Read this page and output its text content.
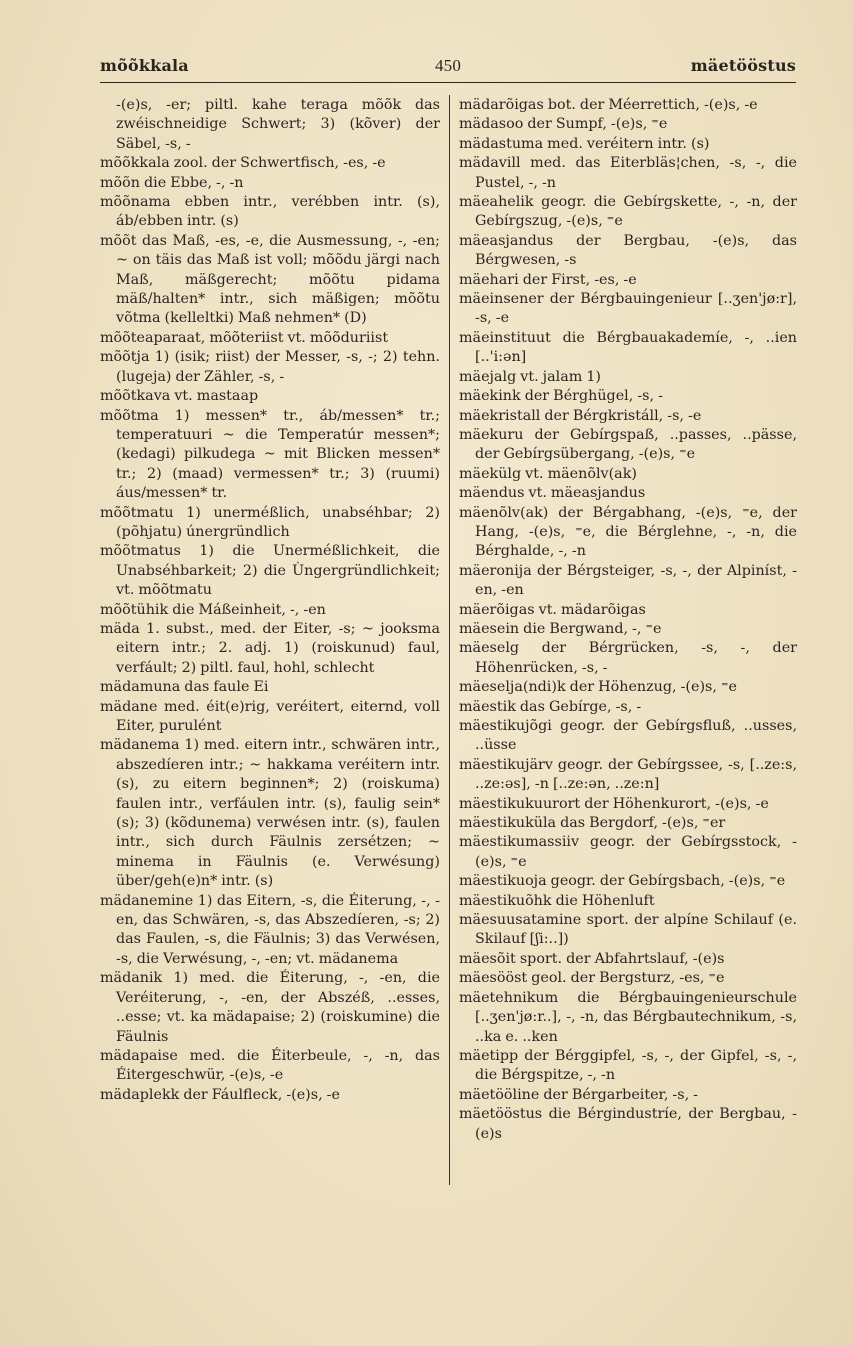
mõõkkala	450	mäetööstus

-(e)s, -er; piltl. kahe teraga mõõk das zwéischneidige Schwert; 3) (kõver) der Säbel, -s, -

mõõkkala zool. der Schwertfisch, -es, -e

mõõn die Ebbe, -, -n

mõõnama ebben intr., verébben intr. (s), áb/ebben intr. (s)

mõõt das Maß, -es, -e, die Ausmessung, -, -en; ~ on täis das Maß ist voll; mõõdu järgi nach Maß, mäßgerecht; mõõtu pidama mäß/halten* intr., sich mäßigen; mõõtu võtma (kelleltki) Maß nehmen* (D)

mõõteaparaat, mõõteriist vt. mõõduriist

mõõtja 1) (isik; riist) der Messer, -s, -; 2) tehn. (lugeja) der Zähler, -s, -

mõõtkava vt. mastaap

mõõtma 1) messen* tr., áb/messen* tr.; temperatuuri ~ die Temperatúr messen*; (kedagi) pilkudega ~ mit Blicken messen* tr.; 2) (maad) vermessen* tr.; 3) (ruumi) áus/messen* tr.

mõõtmatu 1) unerméßlich, unabséhbar; 2) (põhjatu) únergründlich

mõõtmatus 1) die Unerméßlichkeit, die Unabséhbarkeit; 2) die Ùngergründlichkeit; vt. mõõtmatu

mõõtühik die Máßeinheit, -, -en

mäda 1. subst., med. der Eiter, -s; ~ jooksma eitern intr.; 2. adj. 1) (roiskunud) faul, verfáult; 2) piltl. faul, hohl, schlecht

mädamuna das faule Ei

mädane med. éit(e)rig, veréitert, eiternd, voll Eiter, purulént

mädanema 1) med. eitern intr., schwären intr., abszedíeren intr.; ~ hakkama veréitern intr. (s), zu eitern beginnen*; 2) (roiskuma) faulen intr., verfáulen intr. (s), faulig sein* (s); 3) (kõdunema) verwésen intr. (s), faulen intr., sich durch Fäulnis zersétzen; ~ minema in Fäulnis (e. Verwésung) über/geh(e)n* intr. (s)

mädanemine 1) das Eitern, -s, die Éiterung, -, -en, das Schwären, -s, das Abszedíeren, -s; 2) das Faulen, -s, die Fäulnis; 3) das Verwésen, -s, die Verwésung, -, -en; vt. mädanema

mädanik 1) med. die Éiterung, -, -en, die Veréiterung, -, -en, der Abszéß, ..esses, ..esse; vt. ka mädapaise; 2) (roiskumine) die Fäulnis

mädapaise med. die Éiterbeule, -, -n, das Éitergeschwür, -(e)s, -e

mädaplekk der Fáulfleck, -(e)s, -e

mädarõigas bot. der Méerrettich, -(e)s, -e

mädasoo der Sumpf, -(e)s, ⁼e

mädastuma med. veréitern intr. (s)

mädavill med. das Eiterbläs¦chen, -s, -, die Pustel, -, -n

mäeahelik geogr. die Gebírgskette, -, -n, der Gebírgszug, -(e)s, ⁼e

mäeasjandus der Bergbau, -(e)s, das Bérgwesen, -s

mäehari der First, -es, -e

mäeinsener der Bérgbauingenieur [..ʒen'jø:r], -s, -e

mäeinstituut die Bérgbauakademíe, -, ..ien [..'i:ən]

mäejalg vt. jalam 1)

mäekink der Bérghügel, -s, -

mäekristall der Bérgkristáll, -s, -e

mäekuru der Gebírgspaß, ..passes, ..pässe, der Gebírgsübergang, -(e)s, ⁼e

mäekülg vt. mäenõlv(ak)

mäendus vt. mäeasjandus

mäenõlv(ak) der Bérgabhang, -(e)s, ⁼e, der Hang, -(e)s, ⁼e, die Bérglehne, -, -n, die Bérghalde, -, -n

mäeronija der Bérgsteiger, -s, -, der Alpiníst, -en, -en

mäerõigas vt. mädarõigas

mäesein die Bergwand, -, ⁼e

mäeselg der Bérgrücken, -s, -, der Höhenrücken, -s, -

mäeselja(ndi)k der Höhenzug, -(e)s, ⁼e

mäestik das Gebírge, -s, -

mäestikujõgi geogr. der Gebírgsfluß, ..usses, ..üsse

mäestikujärv geogr. der Gebírgssee, -s, [..ze:s, ..ze:əs], -n [..ze:ən, ..ze:n]

mäestikukuurort der Höhenkurort, -(e)s, -e

mäestikuküla das Bergdorf, -(e)s, ⁼er

mäestikumassiiv geogr. der Gebírgsstock, -(e)s, ⁼e

mäestikuoja geogr. der Gebírgsbach, -(e)s, ⁼e

mäestikuõhk die Höhenluft

mäesuusatamine sport. der alpíne Schilauf (e. Skilauf [ʃi:..])

mäesõit sport. der Abfahrtslauf, -(e)s

mäesööst geol. der Bergsturz, -es, ⁼e

mäetehnikum die Bérgbauingenieurschule [..ʒen'jø:r..], -, -n, das Bérgbautechnikum, -s, ..ka e. ..ken

mäetipp der Bérggipfel, -s, -, der Gipfel, -s, -, die Bérgspitze, -, -n

mäetööline der Bérgarbeiter, -s, -

mäetööstus die Bérgindustríe, der Bergbau, -(e)s
